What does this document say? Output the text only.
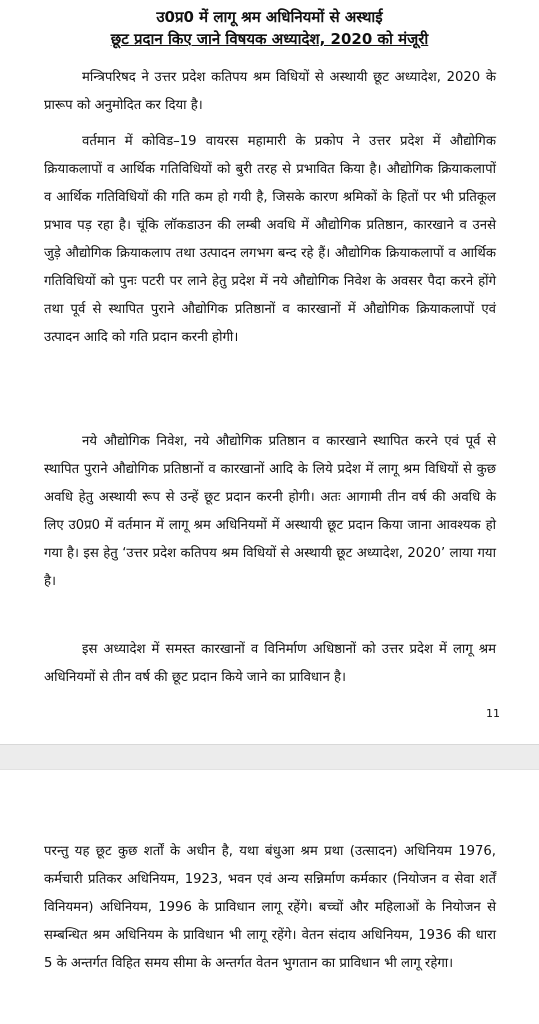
उ0प्र0 में लागू श्रम अधिनियमों से अस्थाई

छूट प्रदान किए जाने विषयक अध्यादेश, 2020 को मंजूरी

मन्त्रिपरिषद ने उत्तर प्रदेश कतिपय श्रम विधियों से अस्थायी छूट अध्यादेश, 2020 के प्रारूप को अनुमोदित कर दिया है।

वर्तमान में कोविड–19 वायरस महामारी के प्रकोप ने उत्तर प्रदेश में औद्योगिक क्रियाकलापों व आर्थिक गतिविधियों को बुरी तरह से प्रभावित किया है। औद्योगिक क्रियाकलापों व आर्थिक गतिविधियों की गति कम हो गयी है, जिसके कारण श्रमिकों के हितों पर भी प्रतिकूल प्रभाव पड़ रहा है। चूंकि लॉकडाउन की लम्बी अवधि में औद्योगिक प्रतिष्ठान, कारखाने व उनसे जुड़े औद्योगिक क्रियाकलाप तथा उत्पादन लगभग बन्द रहे हैं। औद्योगिक क्रियाकलापों व आर्थिक गतिविधियों को पुनः पटरी पर लाने हेतु प्रदेश में नये औद्योगिक निवेश के अवसर पैदा करने होंगे तथा पूर्व से स्थापित पुराने औद्योगिक प्रतिष्ठानों व कारखानों में औद्योगिक क्रियाकलापों एवं उत्पादन आदि को गति प्रदान करनी होगी।

नये औद्योगिक निवेश, नये औद्योगिक प्रतिष्ठान व कारखाने स्थापित करने एवं पूर्व से स्थापित पुराने औद्योगिक प्रतिष्ठानों व कारखानों आदि के लिये प्रदेश में लागू श्रम विधियों से कुछ अवधि हेतु अस्थायी रूप से उन्हें छूट प्रदान करनी होगी। अतः आगामी तीन वर्ष की अवधि के लिए उ0प्र0 में वर्तमान में लागू श्रम अधिनियमों में अस्थायी छूट प्रदान किया जाना आवश्यक हो गया है। इस हेतु ‘उत्तर प्रदेश कतिपय श्रम विधियों से अस्थायी छूट अध्यादेश, 2020’ लाया गया है।

इस अध्यादेश में समस्त कारखानों व विनिर्माण अधिष्ठानों को उत्तर प्रदेश में लागू श्रम अधिनियमों से तीन वर्ष की छूट प्रदान किये जाने का प्राविधान है।

11

परन्तु यह छूट कुछ शर्तों के अधीन है, यथा बंधुआ श्रम प्रथा (उत्सादन) अधिनियम 1976, कर्मचारी प्रतिकर अधिनियम, 1923, भवन एवं अन्य सन्निर्माण कर्मकार (नियोजन व सेवा शर्तें विनियमन) अधिनियम, 1996 के प्राविधान लागू रहेंगे। बच्चों और महिलाओं के नियोजन से सम्बन्धित श्रम अधिनियम के प्राविधान भी लागू रहेंगे। वेतन संदाय अधिनियम, 1936 की धारा 5 के अन्तर्गत विहित समय सीमा के अन्तर्गत वेतन भुगतान का प्राविधान भी लागू रहेगा।
